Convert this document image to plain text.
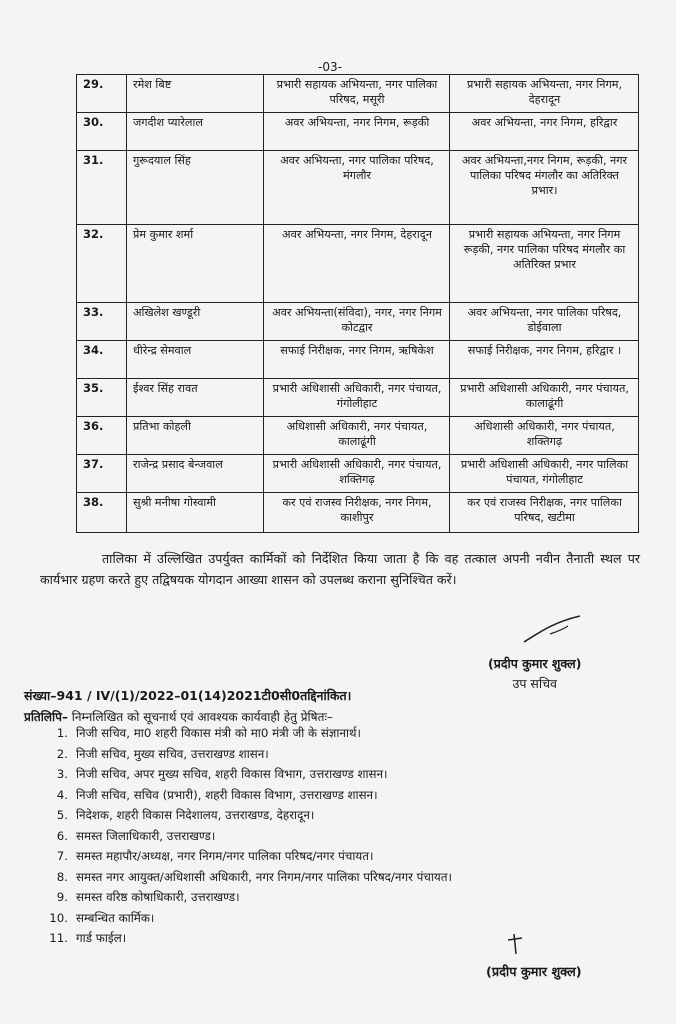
-03-
29.	रमेश बिष्ट	प्रभारी सहायक अभियन्ता, नगर पालिका परिषद, मसूरी	प्रभारी सहायक अभियन्ता, नगर निगम, देहरादून
30.	जगदीश प्यारेलाल	अवर अभियन्ता, नगर निगम, रूड़की	अवर अभियन्ता, नगर निगम, हरिद्वार
31.	गुरूदयाल सिंह	अवर अभियन्ता, नगर पालिका परिषद, मंगलौर	अवर अभियन्ता,नगर निगम, रूड़की, नगर पालिका परिषद मंगलौर का अतिरिक्त प्रभार।
32.	प्रेम कुमार शर्मा	अवर अभियन्ता, नगर निगम, देहरादून	प्रभारी सहायक अभियन्ता, नगर निगम रूड़की, नगर पालिका परिषद मंगलौर का अतिरिक्त प्रभार
33.	अखिलेश खण्डूरी	अवर अभियन्ता(संविदा), नगर, नगर निगम कोटद्वार	अवर अभियन्ता, नगर पालिका परिषद, डोईवाला
34.	धीरेन्द्र सेमवाल	सफाई निरीक्षक, नगर निगम, ऋषिकेश	सफाई निरीक्षक, नगर निगम, हरिद्वार ।
35.	ईश्वर सिंह रावत	प्रभारी अधिशासी अधिकारी, नगर पंचायत, गंगोलीहाट	प्रभारी अधिशासी अधिकारी, नगर पंचायत, कालाढूंगी
36.	प्रतिभा कोहली	अधिशासी अधिकारी, नगर पंचायत, कालाढूंगी	अधिशासी अधिकारी, नगर पंचायत, शक्तिगढ़
37.	राजेन्द्र प्रसाद बेन्जवाल	प्रभारी अधिशासी अधिकारी, नगर पंचायत, शक्तिगढ़	प्रभारी अधिशासी अधिकारी, नगर पालिका पंचायत, गंगोलीहाट
38.	सुश्री मनीषा गोस्वामी	कर एवं राजस्व निरीक्षक, नगर निगम, काशीपुर	कर एवं राजस्व निरीक्षक, नगर पालिका परिषद, खटीमा
तालिका में उल्लिखित उपर्युक्त कार्मिकों को निर्देशित किया जाता है कि वह तत्काल अपनी नवीन तैनाती स्थल पर कार्यभार ग्रहण करते हुए तद्विषयक योगदान आख्या शासन को उपलब्ध कराना सुनिश्चित करें।
(प्रदीप कुमार शुक्ल)
उप सचिव
संख्या–941 / IV/(1)/2022–01(14)2021टी0सी0तद्दिनांकित।
प्रतिलिपि– निम्नलिखित को सूचनार्थ एवं आवश्यक कार्यवाही हेतु प्रेषितः–
1. निजी सचिव, मा0 शहरी विकास मंत्री को मा0 मंत्री जी के संज्ञानार्थ।
2. निजी सचिव, मुख्य सचिव, उत्तराखण्ड शासन।
3. निजी सचिव, अपर मुख्य सचिव, शहरी विकास विभाग, उत्तराखण्ड शासन।
4. निजी सचिव, सचिव (प्रभारी), शहरी विकास विभाग, उत्तराखण्ड शासन।
5. निदेशक, शहरी विकास निदेशालय, उत्तराखण्ड, देहरादून।
6. समस्त जिलाधिकारी, उत्तराखण्ड।
7. समस्त महापौर/अध्यक्ष, नगर निगम/नगर पालिका परिषद/नगर पंचायत।
8. समस्त नगर आयुक्त/अधिशासी अधिकारी, नगर निगम/नगर पालिका परिषद/नगर पंचायत।
9. समस्त वरिष्ठ कोषाधिकारी, उत्तराखण्ड।
10. सम्बन्धित कार्मिक।
11. गार्ड फाईल।
(प्रदीप कुमार शुक्ल)
